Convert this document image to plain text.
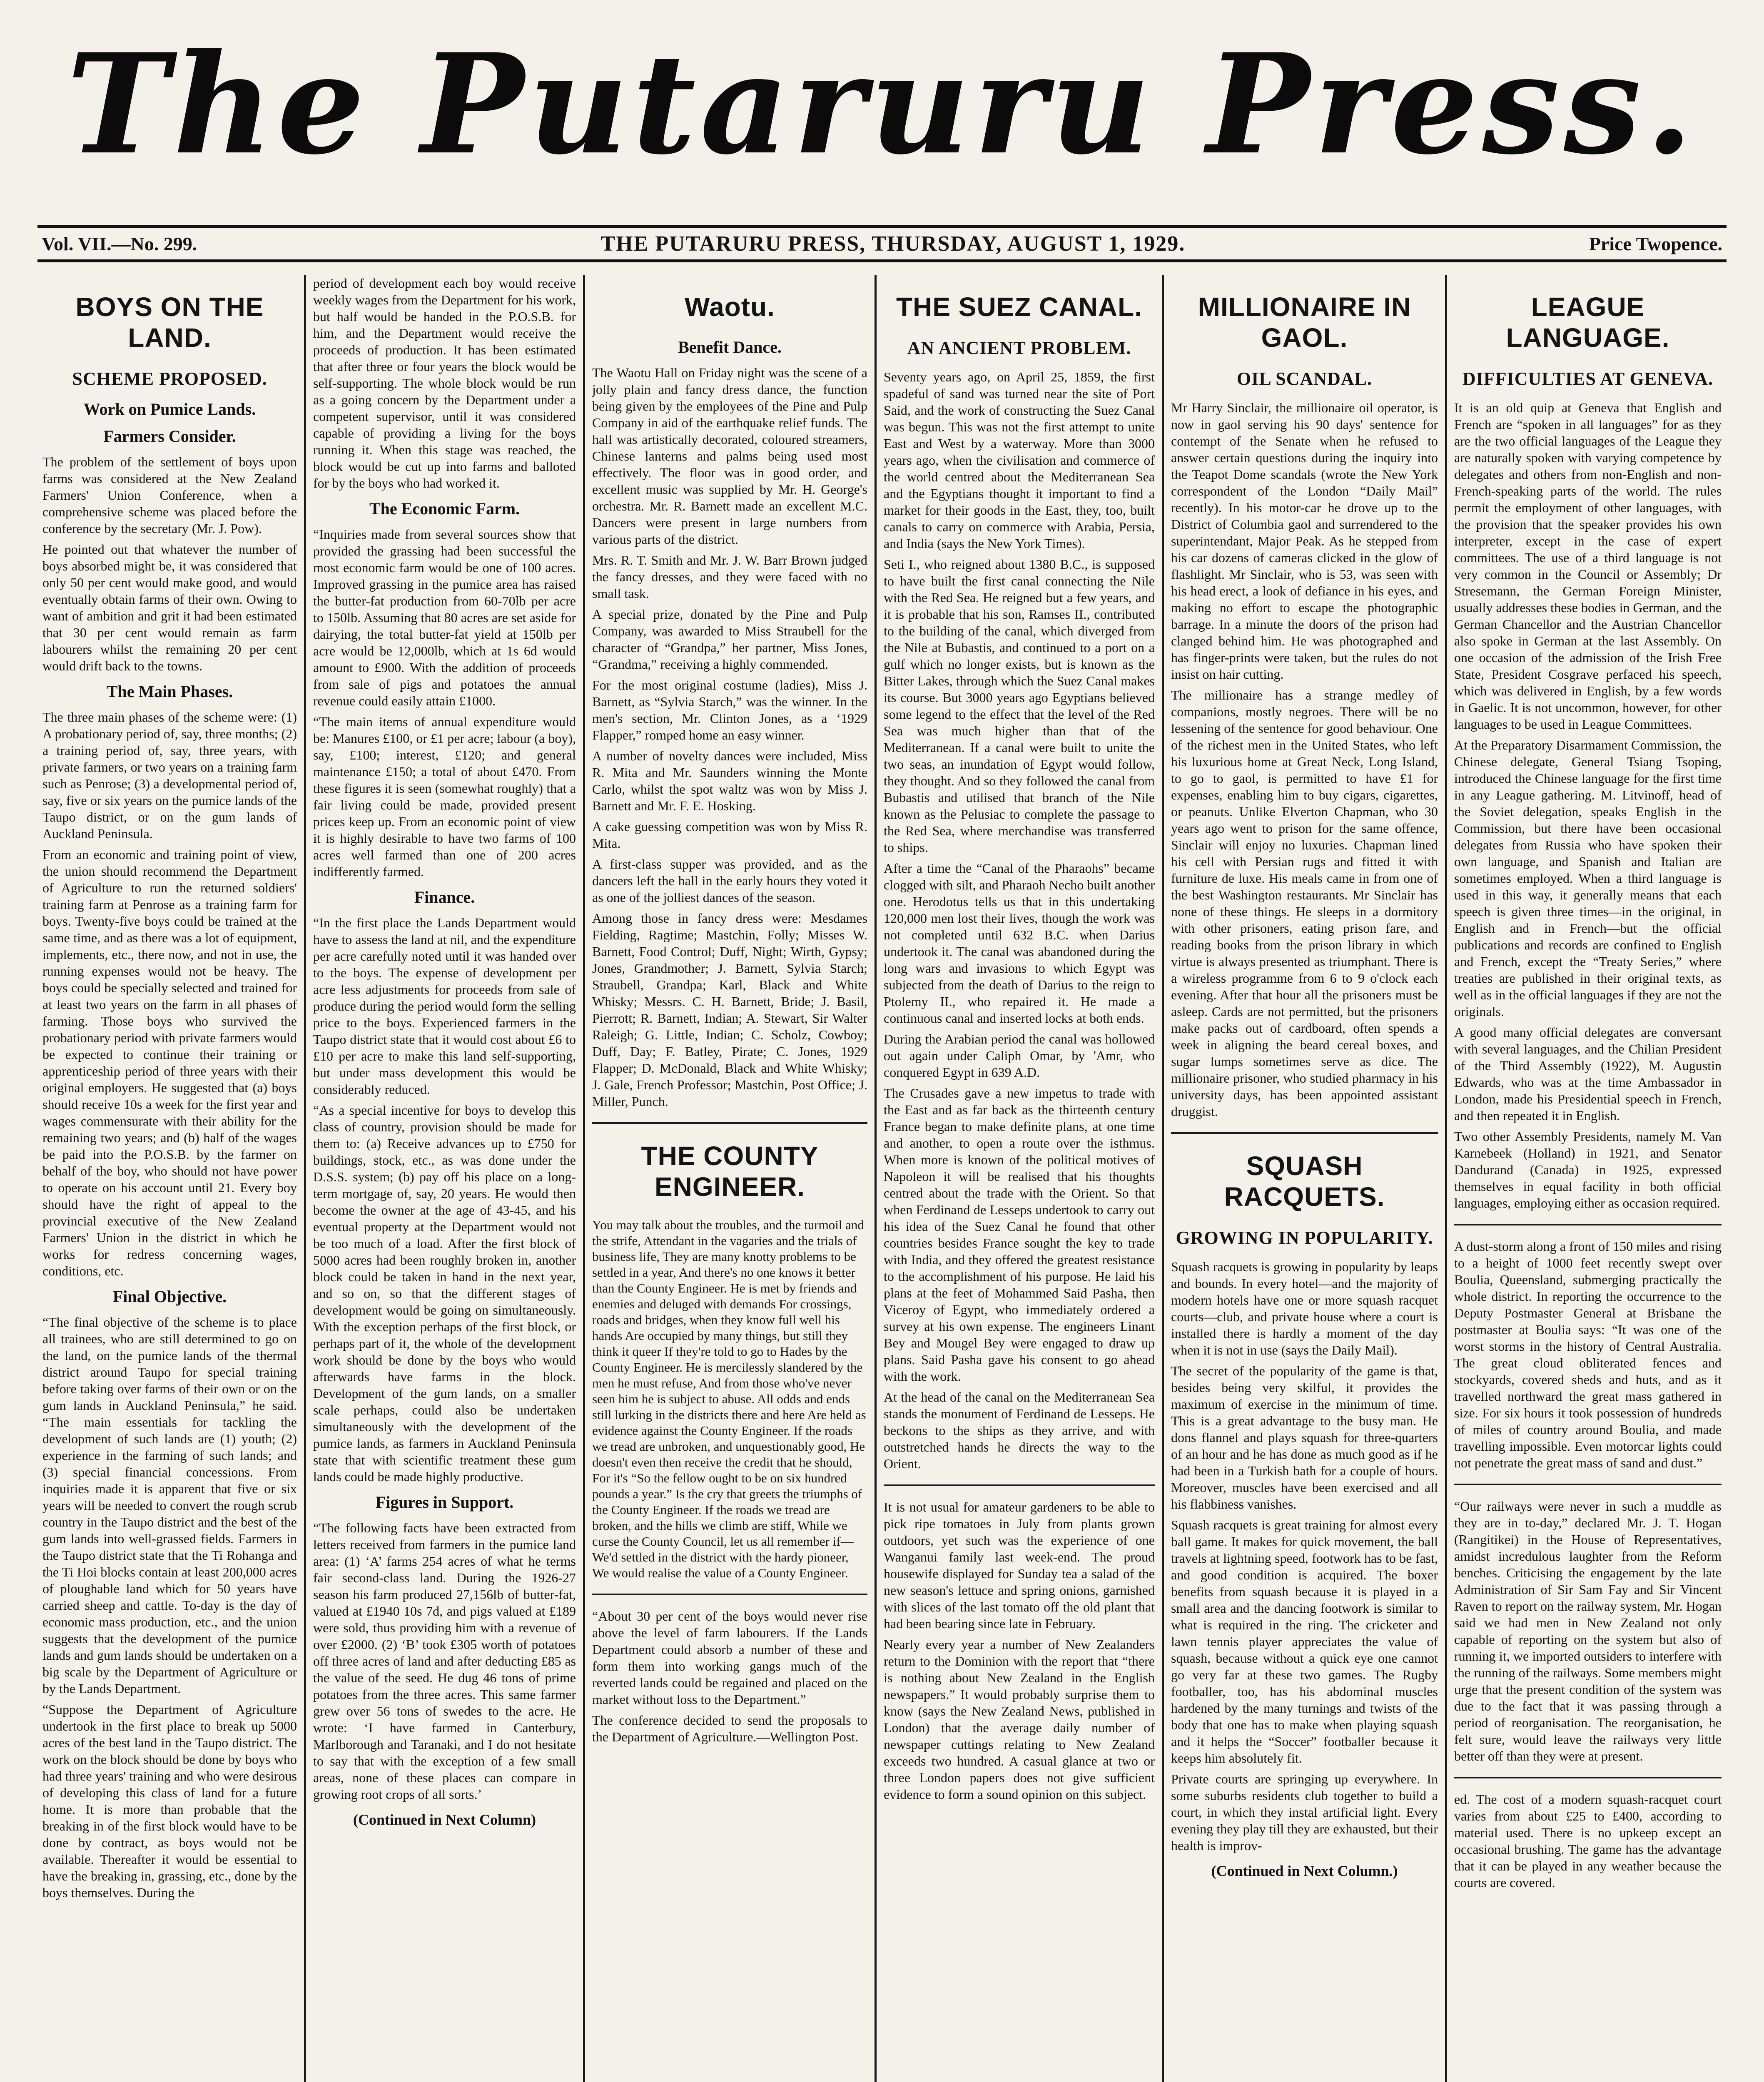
The Putaruru Press.
Vol. VII.—No. 299.	THE PUTARURU PRESS, THURSDAY, AUGUST 1, 1929.	Price Twopence.
BOYS ON THE LAND.
SCHEME PROPOSED.
Work on Pumice Lands.
Farmers Consider.

The problem of the settlement of boys upon farms was considered at the New Zealand Farmers' Union Conference, when a comprehensive scheme was placed before the conference by the secretary (Mr. J. Pow).

He pointed out that whatever the number of boys absorbed might be, it was considered that only 50 per cent would make good, and would eventually obtain farms of their own. Owing to want of ambition and grit it had been estimated that 30 per cent would remain as farm labourers whilst the remaining 20 per cent would drift back to the towns.

The Main Phases.

The three main phases of the scheme were: (1) A probationary period of, say, three months; (2) a training period of, say, three years, with private farmers, or two years on a training farm such as Penrose; (3) a developmental period of, say, five or six years on the pumice lands of the Taupo district, or on the gum lands of Auckland Peninsula.

From an economic and training point of view, the union should recommend the Department of Agriculture to run the returned soldiers' training farm at Penrose as a training farm for boys. Twenty-five boys could be trained at the same time, and as there was a lot of equipment, implements, etc., there now, and not in use, the running expenses would not be heavy. The boys could be specially selected and trained for at least two years on the farm in all phases of farming. Those boys who survived the probationary period with private farmers would be expected to continue their training or apprenticeship period of three years with their original employers. He suggested that (a) boys should receive 10s a week for the first year and wages commensurate with their ability for the remaining two years; and (b) half of the wages be paid into the P.O.S.B. by the farmer on behalf of the boy, who should not have power to operate on his account until 21. Every boy should have the right of appeal to the provincial executive of the New Zealand Farmers' Union in the district in which he works for redress concerning wages, conditions, etc.

Final Objective.

“The final objective of the scheme is to place all trainees, who are still determined to go on the land, on the pumice lands of the thermal district around Taupo for special training before taking over farms of their own or on the gum lands in Auckland Peninsula,” he said. “The main essentials for tackling the development of such lands are (1) youth; (2) experience in the farming of such lands; and (3) special financial concessions. From inquiries made it is apparent that five or six years will be needed to convert the rough scrub country in the Taupo district and the best of the gum lands into well-grassed fields. Farmers in the Taupo district state that the Ti Rohanga and the Ti Hoi blocks contain at least 200,000 acres of ploughable land which for 50 years have carried sheep and cattle. To-day is the day of economic mass production, etc., and the union suggests that the development of the pumice lands and gum lands should be undertaken on a big scale by the Department of Agriculture or by the Lands Department.

“Suppose the Department of Agriculture undertook in the first place to break up 5000 acres of the best land in the Taupo district. The work on the block should be done by boys who had three years' training and who were desirous of developing this class of land for a future home. It is more than probable that the breaking in of the first block would have to be done by contract, as boys would not be available. Thereafter it would be essential to have the breaking in, grassing, etc., done by the boys themselves. During the

period of development each boy would receive weekly wages from the Department for his work, but half would be handed in the P.O.S.B. for him, and the Department would receive the proceeds of production. It has been estimated that after three or four years the block would be self-supporting. The whole block would be run as a going concern by the Department under a competent supervisor, until it was considered capable of providing a living for the boys running it. When this stage was reached, the block would be cut up into farms and balloted for by the boys who had worked it.

The Economic Farm.

“Inquiries made from several sources show that provided the grassing had been successful the most economic farm would be one of 100 acres. Improved grassing in the pumice area has raised the butter-fat production from 60-70lb per acre to 150lb. Assuming that 80 acres are set aside for dairying, the total butter-fat yield at 150lb per acre would be 12,000lb, which at 1s 6d would amount to £900. With the addition of proceeds from sale of pigs and potatoes the annual revenue could easily attain £1000.

“The main items of annual expenditure would be: Manures £100, or £1 per acre; labour (a boy), say, £100; interest, £120; and general maintenance £150; a total of about £470. From these figures it is seen (somewhat roughly) that a fair living could be made, provided present prices keep up. From an economic point of view it is highly desirable to have two farms of 100 acres well farmed than one of 200 acres indifferently farmed.

Finance.

“In the first place the Lands Department would have to assess the land at nil, and the expenditure per acre carefully noted until it was handed over to the boys. The expense of development per acre less adjustments for proceeds from sale of produce during the period would form the selling price to the boys. Experienced farmers in the Taupo district state that it would cost about £6 to £10 per acre to make this land self-supporting, but under mass development this would be considerably reduced.

“As a special incentive for boys to develop this class of country, provision should be made for them to: (a) Receive advances up to £750 for buildings, stock, etc., as was done under the D.S.S. system; (b) pay off his place on a long-term mortgage of, say, 20 years. He would then become the owner at the age of 43-45, and his eventual property at the Department would not be too much of a load. After the first block of 5000 acres had been roughly broken in, another block could be taken in hand in the next year, and so on, so that the different stages of development would be going on simultaneously. With the exception perhaps of the first block, or perhaps part of it, the whole of the development work should be done by the boys who would afterwards have farms in the block. Development of the gum lands, on a smaller scale perhaps, could also be undertaken simultaneously with the development of the pumice lands, as farmers in Auckland Peninsula state that with scientific treatment these gum lands could be made highly productive.

Figures in Support.

“The following facts have been extracted from letters received from farmers in the pumice land area: (1) ‘A’ farms 254 acres of what he terms fair second-class land. During the 1926-27 season his farm produced 27,156lb of butter-fat, valued at £1940 10s 7d, and pigs valued at £189 were sold, thus providing him with a revenue of over £2000. (2) ‘B’ took £305 worth of potatoes off three acres of land and after deducting £85 as the value of the seed. He dug 46 tons of prime potatoes from the three acres. This same farmer grew over 56 tons of swedes to the acre. He wrote: ‘I have farmed in Canterbury, Marlborough and Taranaki, and I do not hesitate to say that with the exception of a few small areas, none of these places can compare in growing root crops of all sorts.’

(Continued in Next Column)
Waotu.
Benefit Dance.

The Waotu Hall on Friday night was the scene of a jolly plain and fancy dress dance, the function being given by the employees of the Pine and Pulp Company in aid of the earthquake relief funds. The hall was artistically decorated, coloured streamers, Chinese lanterns and palms being used most effectively. The floor was in good order, and excellent music was supplied by Mr. H. George's orchestra. Mr. R. Barnett made an excellent M.C. Dancers were present in large numbers from various parts of the district.

Mrs. R. T. Smith and Mr. J. W. Barr Brown judged the fancy dresses, and they were faced with no small task.

A special prize, donated by the Pine and Pulp Company, was awarded to Miss Straubell for the character of “Grandpa,” her partner, Miss Jones, “Grandma,” receiving a highly commended.

For the most original costume (ladies), Miss J. Barnett, as “Sylvia Starch,” was the winner. In the men's section, Mr. Clinton Jones, as a ‘1929 Flapper,” romped home an easy winner.

A number of novelty dances were included, Miss R. Mita and Mr. Saunders winning the Monte Carlo, whilst the spot waltz was won by Miss J. Barnett and Mr. F. E. Hosking.

A cake guessing competition was won by Miss R. Mita.

A first-class supper was provided, and as the dancers left the hall in the early hours they voted it as one of the jolliest dances of the season.

Among those in fancy dress were: Mesdames Fielding, Ragtime; Mastchin, Folly; Misses W. Barnett, Food Control; Duff, Night; Wirth, Gypsy; Jones, Grandmother; J. Barnett, Sylvia Starch; Straubell, Grandpa; Karl, Black and White Whisky; Messrs. C. H. Barnett, Bride; J. Basil, Pierrott; R. Barnett, Indian; A. Stewart, Sir Walter Raleigh; G. Little, Indian; C. Scholz, Cowboy; Duff, Day; F. Batley, Pirate; C. Jones, 1929 Flapper; D. McDonald, Black and White Whisky; J. Gale, French Professor; Mastchin, Post Office; J. Miller, Punch.

THE COUNTY ENGINEER.

You may talk about the troubles, and the turmoil and the strife, Attendant in the vagaries and the trials of business life, They are many knotty problems to be settled in a year, And there's no one knows it better than the County Engineer. He is met by friends and enemies and deluged with demands For crossings, roads and bridges, when they know full well his hands Are occupied by many things, but still they think it queer If they're told to go to Hades by the County Engineer. He is mercilessly slandered by the men he must refuse, And from those who've never seen him he is subject to abuse. All odds and ends still lurking in the districts there and here Are held as evidence against the County Engineer. If the roads we tread are unbroken, and unquestionably good, He doesn't even then receive the credit that he should, For it's “So the fellow ought to be on six hundred pounds a year.” Is the cry that greets the triumphs of the County Engineer. If the roads we tread are broken, and the hills we climb are stiff, While we curse the County Council, let us all remember if— We'd settled in the district with the hardy pioneer, We would realise the value of a County Engineer.

“About 30 per cent of the boys would never rise above the level of farm labourers. If the Lands Department could absorb a number of these and form them into working gangs much of the reverted lands could be regained and placed on the market without loss to the Department.”

The conference decided to send the proposals to the Department of Agriculture.—Wellington Post.

THE SUEZ CANAL.
AN ANCIENT PROBLEM.

Seventy years ago, on April 25, 1859, the first spadeful of sand was turned near the site of Port Said, and the work of constructing the Suez Canal was begun. This was not the first attempt to unite East and West by a waterway. More than 3000 years ago, when the civilisation and commerce of the world centred about the Mediterranean Sea and the Egyptians thought it important to find a market for their goods in the East, they, too, built canals to carry on commerce with Arabia, Persia, and India (says the New York Times).

Seti I., who reigned about 1380 B.C., is supposed to have built the first canal connecting the Nile with the Red Sea. He reigned but a few years, and it is probable that his son, Ramses II., contributed to the building of the canal, which diverged from the Nile at Bubastis, and continued to a port on a gulf which no longer exists, but is known as the Bitter Lakes, through which the Suez Canal makes its course. But 3000 years ago Egyptians believed some legend to the effect that the level of the Red Sea was much higher than that of the Mediterranean. If a canal were built to unite the two seas, an inundation of Egypt would follow, they thought. And so they followed the canal from Bubastis and utilised that branch of the Nile known as the Pelusiac to complete the passage to the Red Sea, where merchandise was transferred to ships.

After a time the “Canal of the Pharaohs” became clogged with silt, and Pharaoh Necho built another one. Herodotus tells us that in this undertaking 120,000 men lost their lives, though the work was not completed until 632 B.C. when Darius undertook it. The canal was abandoned during the long wars and invasions to which Egypt was subjected from the death of Darius to the reign to Ptolemy II., who repaired it. He made a continuous canal and inserted locks at both ends.

During the Arabian period the canal was hollowed out again under Caliph Omar, by 'Amr, who conquered Egypt in 639 A.D.

The Crusades gave a new impetus to trade with the East and as far back as the thirteenth century France began to make definite plans, at one time and another, to open a route over the isthmus. When more is known of the political motives of Napoleon it will be realised that his thoughts centred about the trade with the Orient. So that when Ferdinand de Lesseps undertook to carry out his idea of the Suez Canal he found that other countries besides France sought the key to trade with India, and they offered the greatest resistance to the accomplishment of his purpose. He laid his plans at the feet of Mohammed Said Pasha, then Viceroy of Egypt, who immediately ordered a survey at his own expense. The engineers Linant Bey and Mougel Bey were engaged to draw up plans. Said Pasha gave his consent to go ahead with the work.

At the head of the canal on the Mediterranean Sea stands the monument of Ferdinand de Lesseps. He beckons to the ships as they arrive, and with outstretched hands he directs the way to the Orient.

It is not usual for amateur gardeners to be able to pick ripe tomatoes in July from plants grown outdoors, yet such was the experience of one Wanganui family last week-end. The proud housewife displayed for Sunday tea a salad of the new season's lettuce and spring onions, garnished with slices of the last tomato off the old plant that had been bearing since late in February.

Nearly every year a number of New Zealanders return to the Dominion with the report that “there is nothing about New Zealand in the English newspapers.” It would probably surprise them to know (says the New Zealand News, published in London) that the average daily number of newspaper cuttings relating to New Zealand exceeds two hundred. A casual glance at two or three London papers does not give sufficient evidence to form a sound opinion on this subject.

MILLIONAIRE IN GAOL.
OIL SCANDAL.

Mr Harry Sinclair, the millionaire oil operator, is now in gaol serving his 90 days' sentence for contempt of the Senate when he refused to answer certain questions during the inquiry into the Teapot Dome scandals (wrote the New York correspondent of the London “Daily Mail” recently). In his motor-car he drove up to the District of Columbia gaol and surrendered to the superintendant, Major Peak. As he stepped from his car dozens of cameras clicked in the glow of flashlight. Mr Sinclair, who is 53, was seen with his head erect, a look of defiance in his eyes, and making no effort to escape the photographic barrage. In a minute the doors of the prison had clanged behind him. He was photographed and has finger-prints were taken, but the rules do not insist on hair cutting.

The millionaire has a strange medley of companions, mostly negroes. There will be no lessening of the sentence for good behaviour. One of the richest men in the United States, who left his luxurious home at Great Neck, Long Island, to go to gaol, is permitted to have £1 for expenses, enabling him to buy cigars, cigarettes, or peanuts. Unlike Elverton Chapman, who 30 years ago went to prison for the same offence, Sinclair will enjoy no luxuries. Chapman lined his cell with Persian rugs and fitted it with furniture de luxe. His meals came in from one of the best Washington restaurants. Mr Sinclair has none of these things. He sleeps in a dormitory with other prisoners, eating prison fare, and reading books from the prison library in which virtue is always presented as triumphant. There is a wireless programme from 6 to 9 o'clock each evening. After that hour all the prisoners must be asleep. Cards are not permitted, but the prisoners make packs out of cardboard, often spends a week in aligning the beard cereal boxes, and sugar lumps sometimes serve as dice. The millionaire prisoner, who studied pharmacy in his university days, has been appointed assistant druggist.

SQUASH RACQUETS.
GROWING IN POPULARITY.

Squash racquets is growing in popularity by leaps and bounds. In every hotel—and the majority of modern hotels have one or more squash racquet courts—club, and private house where a court is installed there is hardly a moment of the day when it is not in use (says the Daily Mail).

The secret of the popularity of the game is that, besides being very skilful, it provides the maximum of exercise in the minimum of time. This is a great advantage to the busy man. He dons flannel and plays squash for three-quarters of an hour and he has done as much good as if he had been in a Turkish bath for a couple of hours. Moreover, muscles have been exercised and all his flabbiness vanishes.

Squash racquets is great training for almost every ball game. It makes for quick movement, the ball travels at lightning speed, footwork has to be fast, and good condition is acquired. The boxer benefits from squash because it is played in a small area and the dancing footwork is similar to what is required in the ring. The cricketer and lawn tennis player appreciates the value of squash, because without a quick eye one cannot go very far at these two games. The Rugby footballer, too, has his abdominal muscles hardened by the many turnings and twists of the body that one has to make when playing squash and it helps the “Soccer” footballer because it keeps him absolutely fit.

Private courts are springing up everywhere. In some suburbs residents club together to build a court, in which they instal artificial light. Every evening they play till they are exhausted, but their health is improv-

(Continued in Next Column.)
LEAGUE LANGUAGE.
DIFFICULTIES AT GENEVA.

It is an old quip at Geneva that English and French are “spoken in all languages” for as they are the two official languages of the League they are naturally spoken with varying competence by delegates and others from non-English and non-French-speaking parts of the world. The rules permit the employment of other languages, with the provision that the speaker provides his own interpreter, except in the case of expert committees. The use of a third language is not very common in the Council or Assembly; Dr Stresemann, the German Foreign Minister, usually addresses these bodies in German, and the German Chancellor and the Austrian Chancellor also spoke in German at the last Assembly. On one occasion of the admission of the Irish Free State, President Cosgrave perfaced his speech, which was delivered in English, by a few words in Gaelic. It is not uncommon, however, for other languages to be used in League Committees.

At the Preparatory Disarmament Commission, the Chinese delegate, General Tsiang Tsoping, introduced the Chinese language for the first time in any League gathering. M. Litvinoff, head of the Soviet delegation, speaks English in the Commission, but there have been occasional delegates from Russia who have spoken their own language, and Spanish and Italian are sometimes employed. When a third language is used in this way, it generally means that each speech is given three times—in the original, in English and in French—but the official publications and records are confined to English and French, except the “Treaty Series,” where treaties are published in their original texts, as well as in the official languages if they are not the originals.

A good many official delegates are conversant with several languages, and the Chilian President of the Third Assembly (1922), M. Augustin Edwards, who was at the time Ambassador in London, made his Presidential speech in French, and then repeated it in English.

Two other Assembly Presidents, namely M. Van Karnebeek (Holland) in 1921, and Senator Dandurand (Canada) in 1925, expressed themselves in equal facility in both official languages, employing either as occasion required.

A dust-storm along a front of 150 miles and rising to a height of 1000 feet recently swept over Boulia, Queensland, submerging practically the whole district. In reporting the occurrence to the Deputy Postmaster General at Brisbane the postmaster at Boulia says: “It was one of the worst storms in the history of Central Australia. The great cloud obliterated fences and stockyards, covered sheds and huts, and as it travelled northward the great mass gathered in size. For six hours it took possession of hundreds of miles of country around Boulia, and made travelling impossible. Even motorcar lights could not penetrate the great mass of sand and dust.”

“Our railways were never in such a muddle as they are in to-day,” declared Mr. J. T. Hogan (Rangitikei) in the House of Representatives, amidst incredulous laughter from the Reform benches. Criticising the engagement by the late Administration of Sir Sam Fay and Sir Vincent Raven to report on the railway system, Mr. Hogan said we had men in New Zealand not only capable of reporting on the system but also of running it, we imported outsiders to interfere with the running of the railways. Some members might urge that the present condition of the system was due to the fact that it was passing through a period of reorganisation. The reorganisation, he felt sure, would leave the railways very little better off than they were at present.

ed. The cost of a modern squash-racquet court varies from about £25 to £400, according to material used. There is no upkeep except an occasional brushing. The game has the advantage that it can be played in any weather because the courts are covered.
